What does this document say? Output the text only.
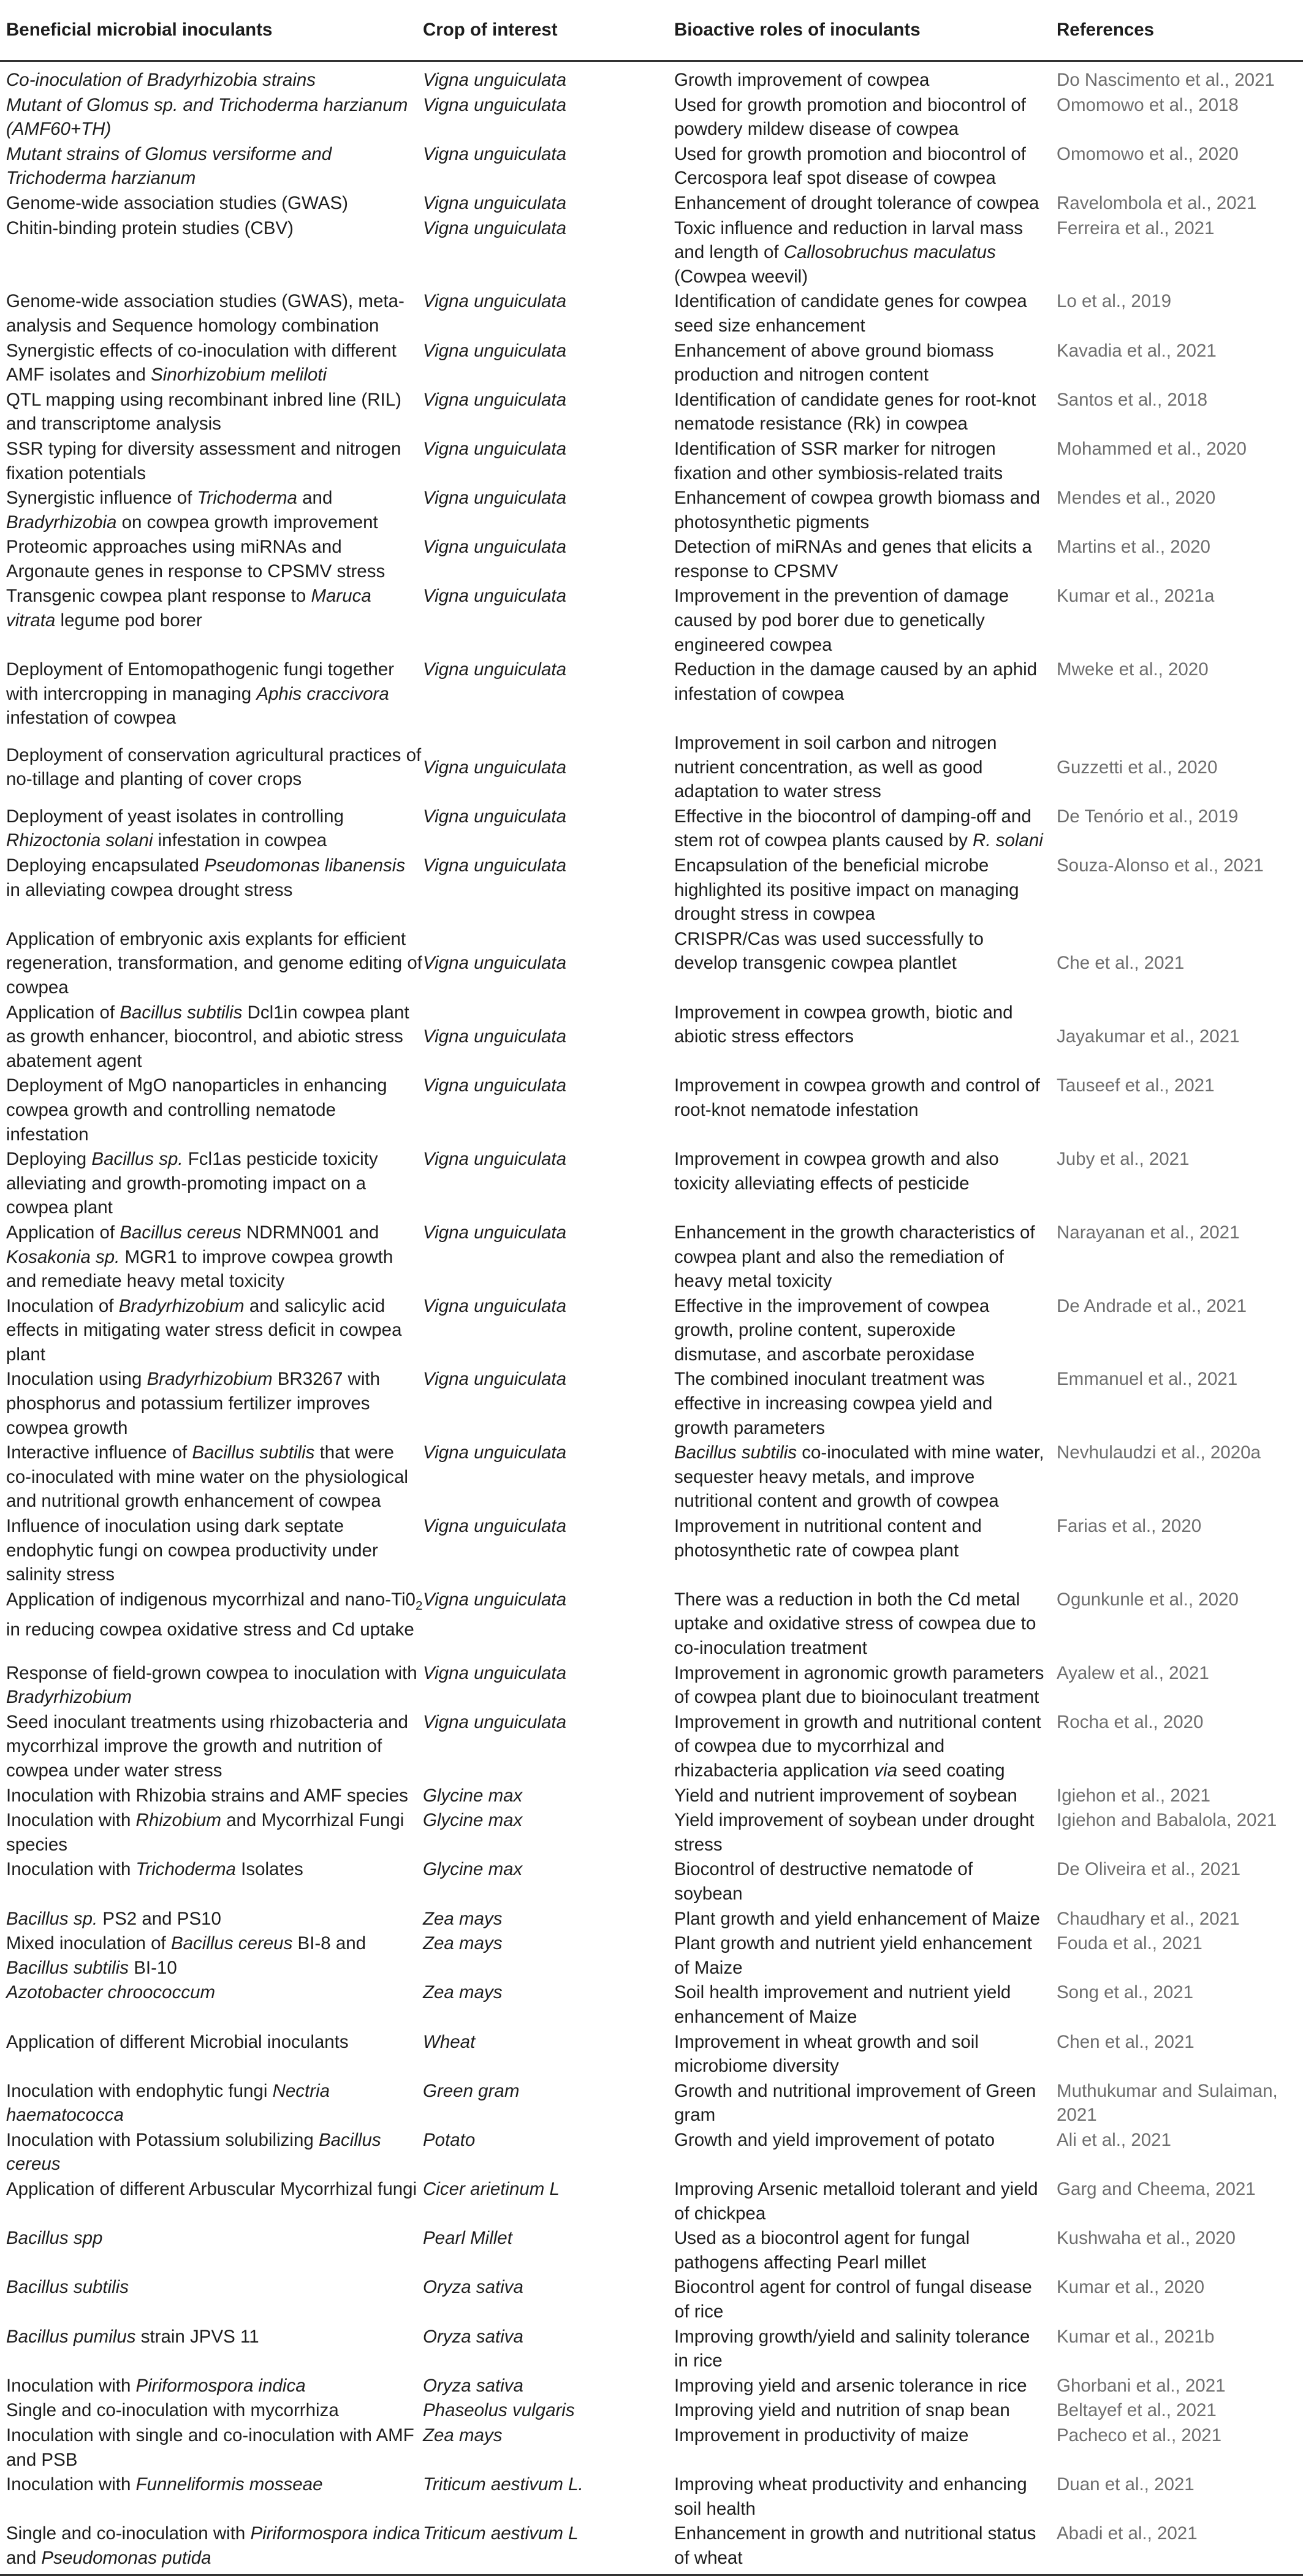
Beneficial microbial inoculants	Crop of interest	Bioactive roles of inoculants	References
Co-inoculation of Bradyrhizobia strains	Vigna unguiculata	Growth improvement of cowpea	Do Nascimento et al., 2021
Mutant of Glomus sp. and Trichoderma harzianum (AMF60+TH)	Vigna unguiculata	Used for growth promotion and biocontrol of powdery mildew disease of cowpea	Omomowo et al., 2018
Mutant strains of Glomus versiforme and Trichoderma harzianum	Vigna unguiculata	Used for growth promotion and biocontrol of Cercospora leaf spot disease of cowpea	Omomowo et al., 2020
Genome-wide association studies (GWAS)	Vigna unguiculata	Enhancement of drought tolerance of cowpea	Ravelombola et al., 2021
Chitin-binding protein studies (CBV)	Vigna unguiculata	Toxic influence and reduction in larval mass and length of Callosobruchus maculatus (Cowpea weevil)	Ferreira et al., 2021
Genome-wide association studies (GWAS), meta-analysis and Sequence homology combination	Vigna unguiculata	Identification of candidate genes for cowpea seed size enhancement	Lo et al., 2019
Synergistic effects of co-inoculation with different AMF isolates and Sinorhizobium meliloti	Vigna unguiculata	Enhancement of above ground biomass production and nitrogen content	Kavadia et al., 2021
QTL mapping using recombinant inbred line (RIL) and transcriptome analysis	Vigna unguiculata	Identification of candidate genes for root-knot nematode resistance (Rk) in cowpea	Santos et al., 2018
SSR typing for diversity assessment and nitrogen fixation potentials	Vigna unguiculata	Identification of SSR marker for nitrogen fixation and other symbiosis-related traits	Mohammed et al., 2020
Synergistic influence of Trichoderma and Bradyrhizobia on cowpea growth improvement	Vigna unguiculata	Enhancement of cowpea growth biomass and photosynthetic pigments	Mendes et al., 2020
Proteomic approaches using miRNAs and Argonaute genes in response to CPSMV stress	Vigna unguiculata	Detection of miRNAs and genes that elicits a response to CPSMV	Martins et al., 2020
Transgenic cowpea plant response to Maruca vitrata legume pod borer	Vigna unguiculata	Improvement in the prevention of damage caused by pod borer due to genetically engineered cowpea	Kumar et al., 2021a
Deployment of Entomopathogenic fungi together with intercropping in managing Aphis craccivora infestation of cowpea	Vigna unguiculata	Reduction in the damage caused by an aphid infestation of cowpea	Mweke et al., 2020
Deployment of conservation agricultural practices of no-tillage and planting of cover crops	Vigna unguiculata	Improvement in soil carbon and nitrogen nutrient concentration, as well as good adaptation to water stress	Guzzetti et al., 2020
Deployment of yeast isolates in controlling Rhizoctonia solani infestation in cowpea	Vigna unguiculata	Effective in the biocontrol of damping-off and stem rot of cowpea plants caused by R. solani	De Tenório et al., 2019
Deploying encapsulated Pseudomonas libanensis in alleviating cowpea drought stress	Vigna unguiculata	Encapsulation of the beneficial microbe highlighted its positive impact on managing drought stress in cowpea	Souza-Alonso et al., 2021
Application of embryonic axis explants for efficient regeneration, transformation, and genome editing of cowpea	Vigna unguiculata	CRISPR/Cas was used successfully to develop transgenic cowpea plantlet	Che et al., 2021
Application of Bacillus subtilis Dcl1in cowpea plant as growth enhancer, biocontrol, and abiotic stress abatement agent	Vigna unguiculata	Improvement in cowpea growth, biotic and abiotic stress effectors	Jayakumar et al., 2021
Deployment of MgO nanoparticles in enhancing cowpea growth and controlling nematode infestation	Vigna unguiculata	Improvement in cowpea growth and control of root-knot nematode infestation	Tauseef et al., 2021
Deploying Bacillus sp. Fcl1as pesticide toxicity alleviating and growth-promoting impact on a cowpea plant	Vigna unguiculata	Improvement in cowpea growth and also toxicity alleviating effects of pesticide	Juby et al., 2021
Application of Bacillus cereus NDRMN001 and Kosakonia sp. MGR1 to improve cowpea growth and remediate heavy metal toxicity	Vigna unguiculata	Enhancement in the growth characteristics of cowpea plant and also the remediation of heavy metal toxicity	Narayanan et al., 2021
Inoculation of Bradyrhizobium and salicylic acid effects in mitigating water stress deficit in cowpea plant	Vigna unguiculata	Effective in the improvement of cowpea growth, proline content, superoxide dismutase, and ascorbate peroxidase	De Andrade et al., 2021
Inoculation using Bradyrhizobium BR3267 with phosphorus and potassium fertilizer improves cowpea growth	Vigna unguiculata	The combined inoculant treatment was effective in increasing cowpea yield and growth parameters	Emmanuel et al., 2021
Interactive influence of Bacillus subtilis that were co-inoculated with mine water on the physiological and nutritional growth enhancement of cowpea	Vigna unguiculata	Bacillus subtilis co-inoculated with mine water, sequester heavy metals, and improve nutritional content and growth of cowpea	Nevhulaudzi et al., 2020a
Influence of inoculation using dark septate endophytic fungi on cowpea productivity under salinity stress	Vigna unguiculata	Improvement in nutritional content and photosynthetic rate of cowpea plant	Farias et al., 2020
Application of indigenous mycorrhizal and nano-$Ti0_2$ in reducing cowpea oxidative stress and Cd uptake	Vigna unguiculata	There was a reduction in both the Cd metal uptake and oxidative stress of cowpea due to co-inoculation treatment	Ogunkunle et al., 2020
Response of field-grown cowpea to inoculation with Bradyrhizobium	Vigna unguiculata	Improvement in agronomic growth parameters of cowpea plant due to bioinoculant treatment	Ayalew et al., 2021
Seed inoculant treatments using rhizobacteria and mycorrhizal improve the growth and nutrition of cowpea under water stress	Vigna unguiculata	Improvement in growth and nutritional content of cowpea due to mycorrhizal and rhizabacteria application via seed coating	Rocha et al., 2020
Inoculation with Rhizobia strains and AMF species	Glycine max	Yield and nutrient improvement of soybean	Igiehon et al., 2021
Inoculation with Rhizobium and Mycorrhizal Fungi species	Glycine max	Yield improvement of soybean under drought stress	Igiehon and Babalola, 2021
Inoculation with Trichoderma Isolates	Glycine max	Biocontrol of destructive nematode of soybean	De Oliveira et al., 2021
Bacillus sp. PS2 and PS10	Zea mays	Plant growth and yield enhancement of Maize	Chaudhary et al., 2021
Mixed inoculation of Bacillus cereus BI-8 and Bacillus subtilis BI-10	Zea mays	Plant growth and nutrient yield enhancement of Maize	Fouda et al., 2021
Azotobacter chroococcum	Zea mays	Soil health improvement and nutrient yield enhancement of Maize	Song et al., 2021
Application of different Microbial inoculants	Wheat	Improvement in wheat growth and soil microbiome diversity	Chen et al., 2021
Inoculation with endophytic fungi Nectria haematococca	Green gram	Growth and nutritional improvement of Green gram	Muthukumar and Sulaiman, 2021
Inoculation with Potassium solubilizing Bacillus cereus	Potato	Growth and yield improvement of potato	Ali et al., 2021
Application of different Arbuscular Mycorrhizal fungi	Cicer arietinum L	Improving Arsenic metalloid tolerant and yield of chickpea	Garg and Cheema, 2021
Bacillus spp	Pearl Millet	Used as a biocontrol agent for fungal pathogens affecting Pearl millet	Kushwaha et al., 2020
Bacillus subtilis	Oryza sativa	Biocontrol agent for control of fungal disease of rice	Kumar et al., 2020
Bacillus pumilus strain JPVS 11	Oryza sativa	Improving growth/yield and salinity tolerance in rice	Kumar et al., 2021b
Inoculation with Piriformospora indica	Oryza sativa	Improving yield and arsenic tolerance in rice	Ghorbani et al., 2021
Single and co-inoculation with mycorrhiza	Phaseolus vulgaris	Improving yield and nutrition of snap bean	Beltayef et al., 2021
Inoculation with single and co-inoculation with AMF and PSB	Zea mays	Improvement in productivity of maize	Pacheco et al., 2021
Inoculation with Funneliformis mosseae	Triticum aestivum L.	Improving wheat productivity and enhancing soil health	Duan et al., 2021
Single and co-inoculation with Piriformospora indica and Pseudomonas putida	Triticum aestivum L	Enhancement in growth and nutritional status of wheat	Abadi et al., 2021
